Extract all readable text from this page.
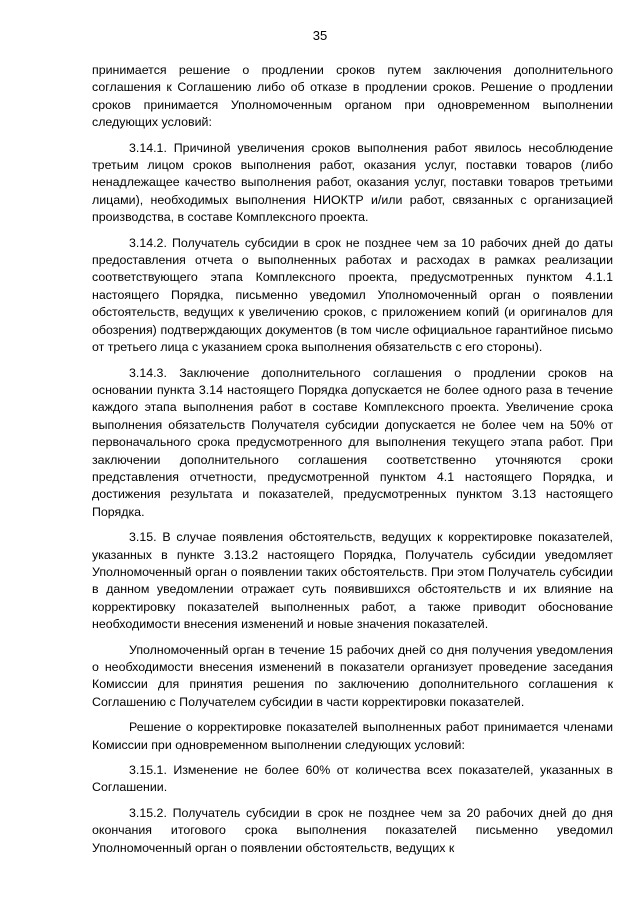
35

принимается решение о продлении сроков путем заключения дополнительного соглашения к Соглашению либо об отказе в продлении сроков. Решение о продлении сроков принимается Уполномоченным органом при одновременном выполнении следующих условий:

3.14.1. Причиной увеличения сроков выполнения работ явилось несоблюдение третьим лицом сроков выполнения работ, оказания услуг, поставки товаров (либо ненадлежащее качество выполнения работ, оказания услуг, поставки товаров третьими лицами), необходимых выполнения НИОКТР и/или работ, связанных с организацией производства, в составе Комплексного проекта.

3.14.2. Получатель субсидии в срок не позднее чем за 10 рабочих дней до даты предоставления отчета о выполненных работах и расходах в рамках реализации соответствующего этапа Комплексного проекта, предусмотренных пунктом 4.1.1 настоящего Порядка, письменно уведомил Уполномоченный орган о появлении обстоятельств, ведущих к увеличению сроков, с приложением копий (и оригиналов для обозрения) подтверждающих документов (в том числе официальное гарантийное письмо от третьего лица с указанием срока выполнения обязательств с его стороны).

3.14.3. Заключение дополнительного соглашения о продлении сроков на основании пункта 3.14 настоящего Порядка допускается не более одного раза в течение каждого этапа выполнения работ в составе Комплексного проекта. Увеличение срока выполнения обязательств Получателя субсидии допускается не более чем на 50% от первоначального срока предусмотренного для выполнения текущего этапа работ. При заключении дополнительного соглашения соответственно уточняются сроки представления отчетности, предусмотренной пунктом 4.1 настоящего Порядка, и достижения результата и показателей, предусмотренных пунктом 3.13 настоящего Порядка.

3.15. В случае появления обстоятельств, ведущих к корректировке показателей, указанных в пункте 3.13.2 настоящего Порядка, Получатель субсидии уведомляет Уполномоченный орган о появлении таких обстоятельств. При этом Получатель субсидии в данном уведомлении отражает суть появившихся обстоятельств и их влияние на корректировку показателей выполненных работ, а также приводит обоснование необходимости внесения изменений и новые значения показателей.

Уполномоченный орган в течение 15 рабочих дней со дня получения уведомления о необходимости внесения изменений в показатели организует проведение заседания Комиссии для принятия решения по заключению дополнительного соглашения к Соглашению с Получателем субсидии в части корректировки показателей.

Решение о корректировке показателей выполненных работ принимается членами Комиссии при одновременном выполнении следующих условий:

3.15.1. Изменение не более 60% от количества всех показателей, указанных в Соглашении.

3.15.2. Получатель субсидии в срок не позднее чем за 20 рабочих дней до дня окончания итогового срока выполнения показателей письменно уведомил Уполномоченный орган о появлении обстоятельств, ведущих к
